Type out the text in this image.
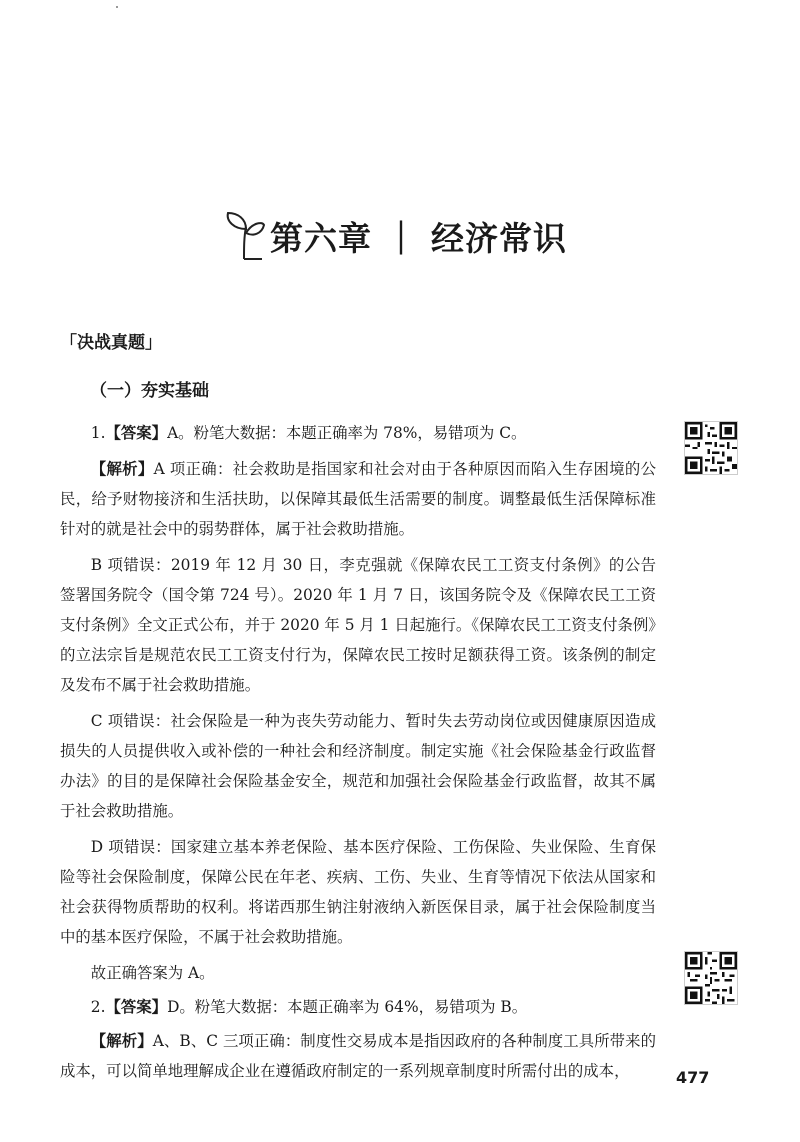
第六章 ｜ 经济常识
「决战真题」
（一）夯实基础

1.【答案】A。粉笔大数据：本题正确率为 78%，易错项为 C。

【解析】A 项正确：社会救助是指国家和社会对由于各种原因而陷入生存困境的公民，给予财物接济和生活扶助，以保障其最低生活需要的制度。调整最低生活保障标准针对的就是社会中的弱势群体，属于社会救助措施。

B 项错误：2019 年 12 月 30 日，李克强就《保障农民工工资支付条例》的公告签署国务院令（国令第 724 号）。2020 年 1 月 7 日，该国务院令及《保障农民工工资支付条例》全文正式公布，并于 2020 年 5 月 1 日起施行。《保障农民工工资支付条例》的立法宗旨是规范农民工工资支付行为，保障农民工按时足额获得工资。该条例的制定及发布不属于社会救助措施。

C 项错误：社会保险是一种为丧失劳动能力、暂时失去劳动岗位或因健康原因造成损失的人员提供收入或补偿的一种社会和经济制度。制定实施《社会保险基金行政监督办法》的目的是保障社会保险基金安全，规范和加强社会保险基金行政监督，故其不属于社会救助措施。

D 项错误：国家建立基本养老保险、基本医疗保险、工伤保险、失业保险、生育保险等社会保险制度，保障公民在年老、疾病、工伤、失业、生育等情况下依法从国家和社会获得物质帮助的权利。将诺西那生钠注射液纳入新医保目录，属于社会保险制度当中的基本医疗保险，不属于社会救助措施。

故正确答案为 A。

2.【答案】D。粉笔大数据：本题正确率为 64%，易错项为 B。

【解析】A、B、C 三项正确：制度性交易成本是指因政府的各种制度工具所带来的成本，可以简单地理解成企业在遵循政府制定的一系列规章制度时所需付出的成本，	477
